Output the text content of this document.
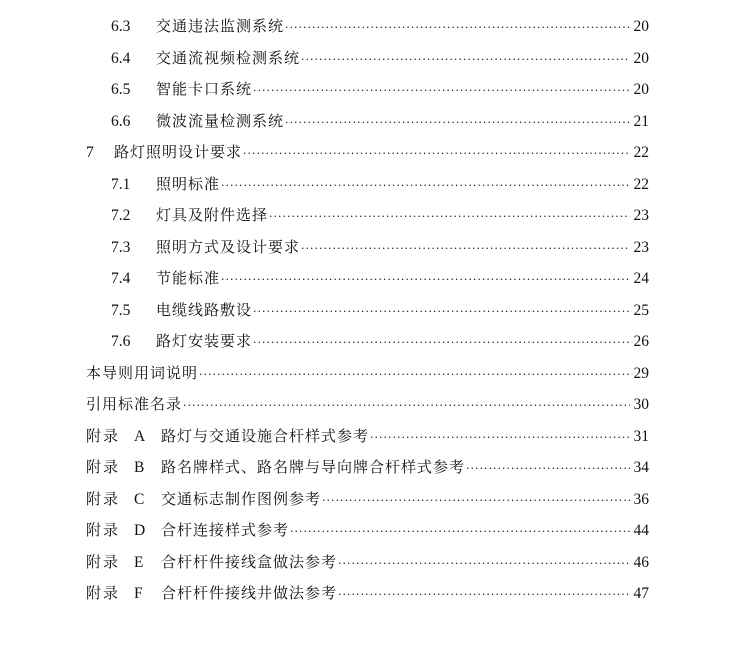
6.3	交通违法监测系统 ·····	20
6.4	交通流视频检测系统 ·····	20
6.5	智能卡口系统 ·····	20
6.6	微波流量检测系统 ·····	21
7	路灯照明设计要求 ·····	22
7.1	照明标准 ·····	22
7.2	灯具及附件选择 ·····	23
7.3	照明方式及设计要求 ·····	23
7.4	节能标准 ·····	24
7.5	电缆线路敷设 ·····	25
7.6	路灯安装要求 ·····	26
本导则用词说明 ·····	29
引用标准名录 ·····	30
附录 A	路灯与交通设施合杆样式参考 ·····	31
附录 B	路名牌样式、路名牌与导向牌合杆样式参考 ·····	34
附录 C	交通标志制作图例参考 ·····	36
附录 D	合杆连接样式参考 ·····	44
附录 E	合杆杆件接线盒做法参考 ·····	46
附录 F	合杆杆件接线井做法参考 ·····	47
